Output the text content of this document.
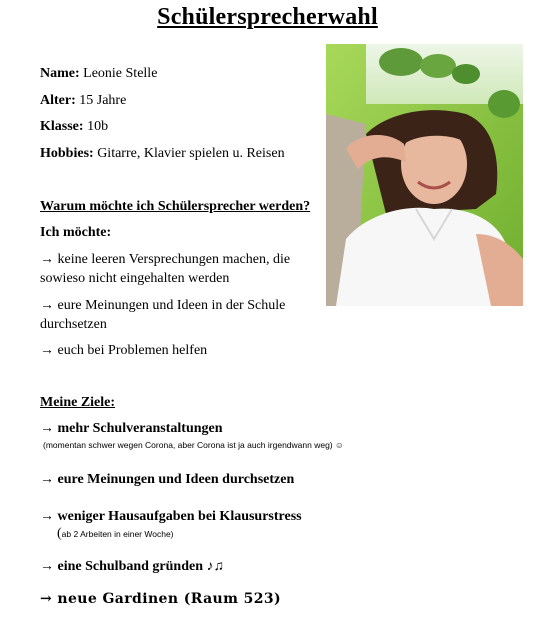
Schülersprecherwahl
Name: Leonie Stelle
Alter: 15 Jahre
Klasse: 10b
Hobbies: Gitarre, Klavier spielen u. Reisen
Warum möchte ich Schülersprecher werden?
Ich möchte:
→ keine leeren Versprechungen machen, die sowieso nicht eingehalten werden
→ eure Meinungen und Ideen in der Schule durchsetzen
→ euch bei Problemen helfen
Meine Ziele:
→ mehr Schulveranstaltungen
(momentan schwer wegen Corona, aber Corona ist ja auch irgendwann weg) ☺
→ eure Meinungen und Ideen durchsetzen
→ weniger Hausaufgaben bei Klausurstress
(ab 2 Arbeiten in einer Woche)
→ eine Schulband gründen ♪♫
→ neue Gardinen (Raum 523)
